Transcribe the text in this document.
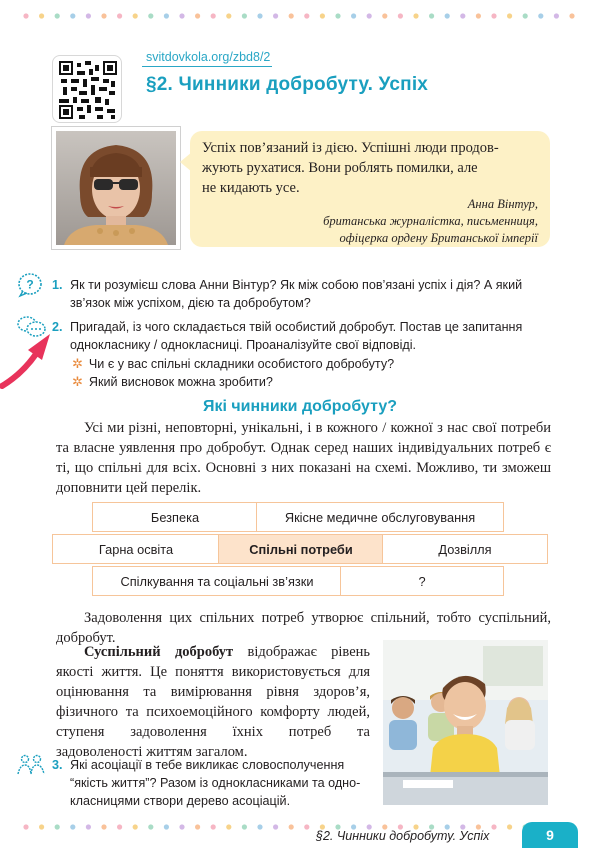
svitdovkola.org/zbd8/2
§2. Чинники добробуту. Успіх
Успіх пов’язаний із дією. Успішні люди продов-
жують рухатися. Вони роблять помилки, але
не кидають усе.
Анна Вінтур,
британська журналістка, письменниця,
офіцерка ордену Британської імперії
? 1. Як ти розумієш слова Анни Вінтур? Як між собою пов’язані успіх і дія? А який
зв’язок між успіхом, дією та добробутом?
2. Пригадай, із чого складається твій особистий добробут. Постав це запитання
однокласнику / однокласниці. Проаналізуйте свої відповіді.
✲ Чи є у вас спільні складники особистого добробуту?
✲ Який висновок можна зробити?
Які чинники добробуту?
Усі ми різні, неповторні, унікальні, і в кожного / кожної з нас свої потреби та власне уявлення про добробут. Однак серед наших індивідуальних потреб є ті, що спільні для всіх. Основні з них показані на схемі. Можливо, ти зможеш доповнити цей перелік.
Безпека	Якісне медичне обслуговування
Гарна освіта	Спільні потреби	Дозвілля
Спілкування та соціальні зв’язки	?
Задоволення цих спільних потреб утворює спільний, тобто суспільний, добробут.
Суспільний добробут відображає рівень якості життя. Це поняття використовується для оцінювання та вимірювання рівня здоров’я, фізичного та психоемоційного комфорту людей, ступеня задоволення їхніх потреб та задоволеності життям загалом.
3. Які асоціації в тебе викликає словосполучення
“якість життя”? Разом із однокласниками та одно-
класницями створи дерево асоціацій.
§2. Чинники добробуту. Успіх	9
